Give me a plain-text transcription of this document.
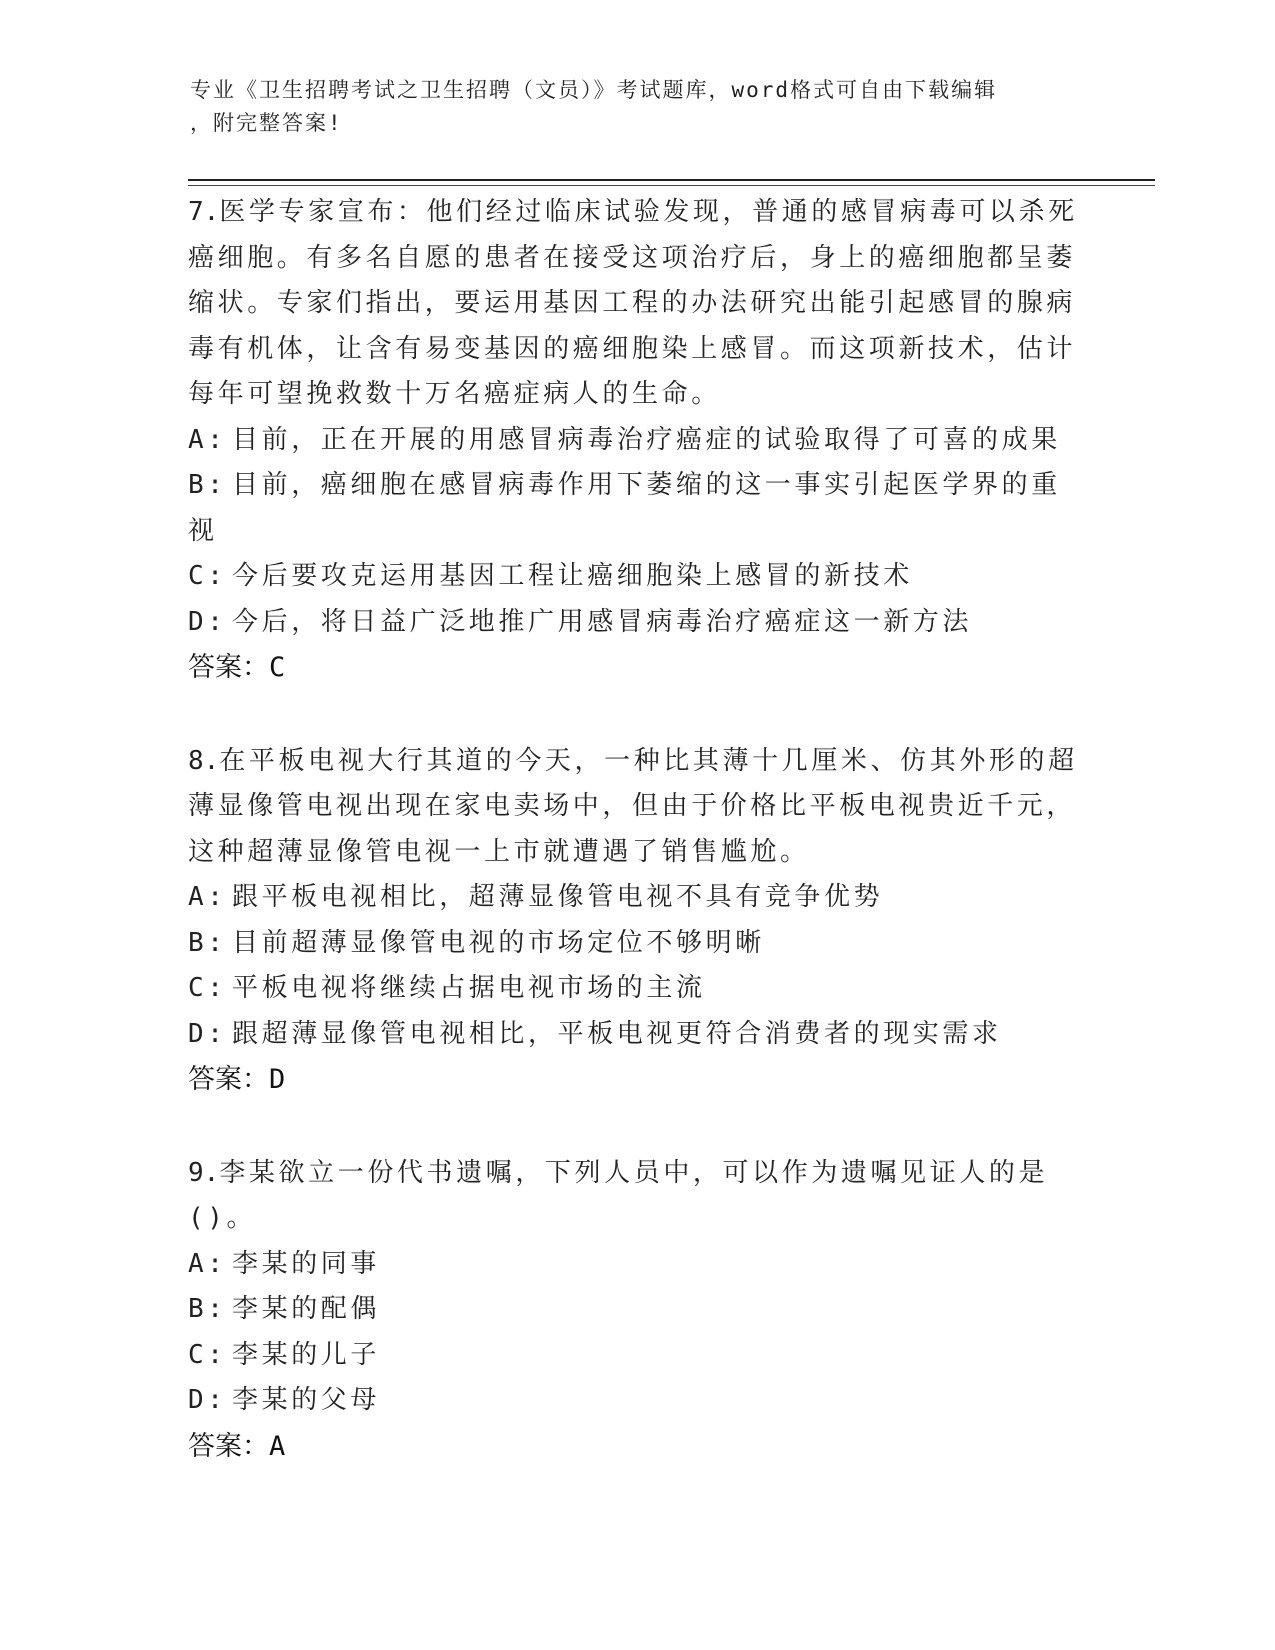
专业《卫生招聘考试之卫生招聘（文员）》考试题库，word格式可自由下载编辑
，附完整答案!
7.医学专家宣布：他们经过临床试验发现，普通的感冒病毒可以杀死癌细胞。有多名自愿的患者在接受这项治疗后，身上的癌细胞都呈萎缩状。专家们指出，要运用基因工程的办法研究出能引起感冒的腺病毒有机体，让含有易变基因的癌细胞染上感冒。而这项新技术，估计每年可望挽救数十万名癌症病人的生命。
A: 目前，正在开展的用感冒病毒治疗癌症的试验取得了可喜的成果
B: 目前，癌细胞在感冒病毒作用下萎缩的这一事实引起医学界的重视
C: 今后要攻克运用基因工程让癌细胞染上感冒的新技术
D: 今后，将日益广泛地推广用感冒病毒治疗癌症这一新方法
答案：C
8.在平板电视大行其道的今天，一种比其薄十几厘米、仿其外形的超薄显像管电视出现在家电卖场中，但由于价格比平板电视贵近千元，这种超薄显像管电视一上市就遭遇了销售尴尬。
A: 跟平板电视相比，超薄显像管电视不具有竞争优势
B: 目前超薄显像管电视的市场定位不够明晰
C: 平板电视将继续占据电视市场的主流
D: 跟超薄显像管电视相比，平板电视更符合消费者的现实需求
答案：D
9.李某欲立一份代书遗嘱，下列人员中，可以作为遗嘱见证人的是()。
A: 李某的同事
B: 李某的配偶
C: 李某的儿子
D: 李某的父母
答案：A
